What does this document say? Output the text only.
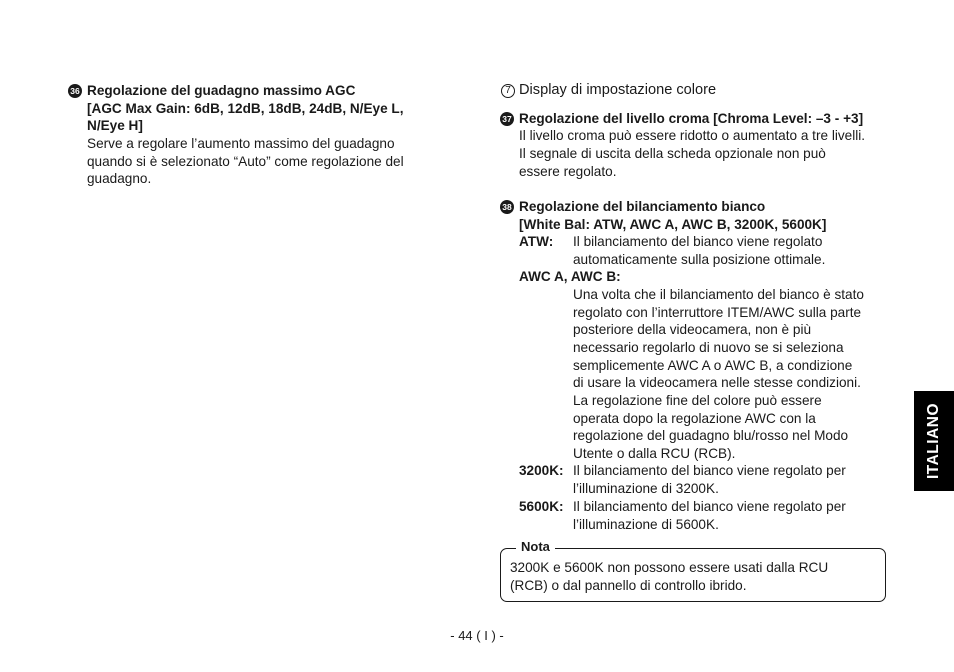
36 Regolazione del guadagno massimo AGC
[AGC Max Gain: 6dB, 12dB, 18dB, 24dB, N/Eye L,
N/Eye H]
Serve a regolare l’aumento massimo del guadagno
quando si è selezionato “Auto” come regolazione del
guadagno.
7 Display di impostazione colore
37 Regolazione del livello croma [Chroma Level: –3 - +3]
Il livello croma può essere ridotto o aumentato a tre livelli.
Il segnale di uscita della scheda opzionale non può
essere regolato.
38 Regolazione del bilanciamento bianco
[White Bal: ATW, AWC A, AWC B, 3200K, 5600K]
ATW: Il bilanciamento del bianco viene regolato
automaticamente sulla posizione ottimale.
AWC A, AWC B:
Una volta che il bilanciamento del bianco è stato
regolato con l’interruttore ITEM/AWC sulla parte
posteriore della videocamera, non è più
necessario regolarlo di nuovo se si seleziona
semplicemente AWC A o AWC B, a condizione
di usare la videocamera nelle stesse condizioni.
La regolazione fine del colore può essere
operata dopo la regolazione AWC con la
regolazione del guadagno blu/rosso nel Modo
Utente o dalla RCU (RCB).
3200K: Il bilanciamento del bianco viene regolato per
l’illuminazione di 3200K.
5600K: Il bilanciamento del bianco viene regolato per
l’illuminazione di 5600K.
Nota
3200K e 5600K non possono essere usati dalla RCU
(RCB) o dal pannello di controllo ibrido.
ITALIANO
- 44 ( I ) -
